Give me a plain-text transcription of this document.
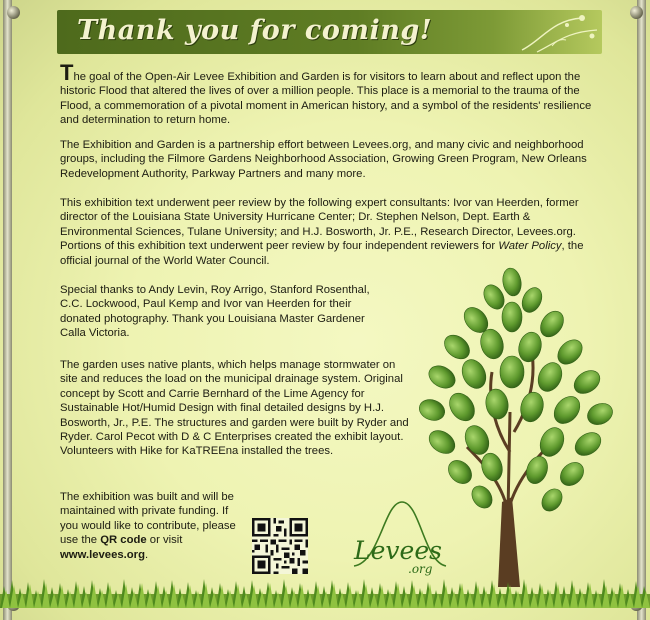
Thank you for coming!

The goal of the Open-Air Levee Exhibition and Garden is for visitors to learn about and reflect upon the historic Flood that altered the lives of over a million people. This place is a memorial to the trauma of the Flood, a commemoration of a pivotal moment in American history, and a symbol of the residents' resilience and determination to return home.

The Exhibition and Garden is a partnership effort between Levees.org, and many civic and neighborhood groups, including the Filmore Gardens Neighborhood Association, Growing Green Program, New Orleans Redevelopment Authority, Parkway Partners and many more.

This exhibition text underwent peer review by the following expert consultants: Ivor van Heerden, former director of the Louisiana State University Hurricane Center; Dr. Stephen Nelson, Dept. Earth & Environmental Sciences, Tulane University; and H.J. Bosworth, Jr. P.E., Research Director, Levees.org. Portions of this exhibition text underwent peer review by four independent reviewers for Water Policy, the official journal of the World Water Council.

Special thanks to Andy Levin, Roy Arrigo, Stanford Rosenthal, C.C. Lockwood, Paul Kemp and Ivor van Heerden for their donated photography. Thank you Louisiana Master Gardener Calla Victoria.

The garden uses native plants, which helps manage stormwater on site and reduces the load on the municipal drainage system. Original concept by Scott and Carrie Bernhard of the Lime Agency for Sustainable Hot/Humid Design with final detailed designs by H.J. Bosworth, Jr., P.E. The structures and garden were built by Ryder and Ryder. Carol Pecot with D & C Enterprises created the exhibit layout. Volunteers with Hike for KaTREEna installed the trees.

The exhibition was built and will be maintained with private funding. If you would like to contribute, please use the QR code or visit www.levees.org.	Levees
.org
